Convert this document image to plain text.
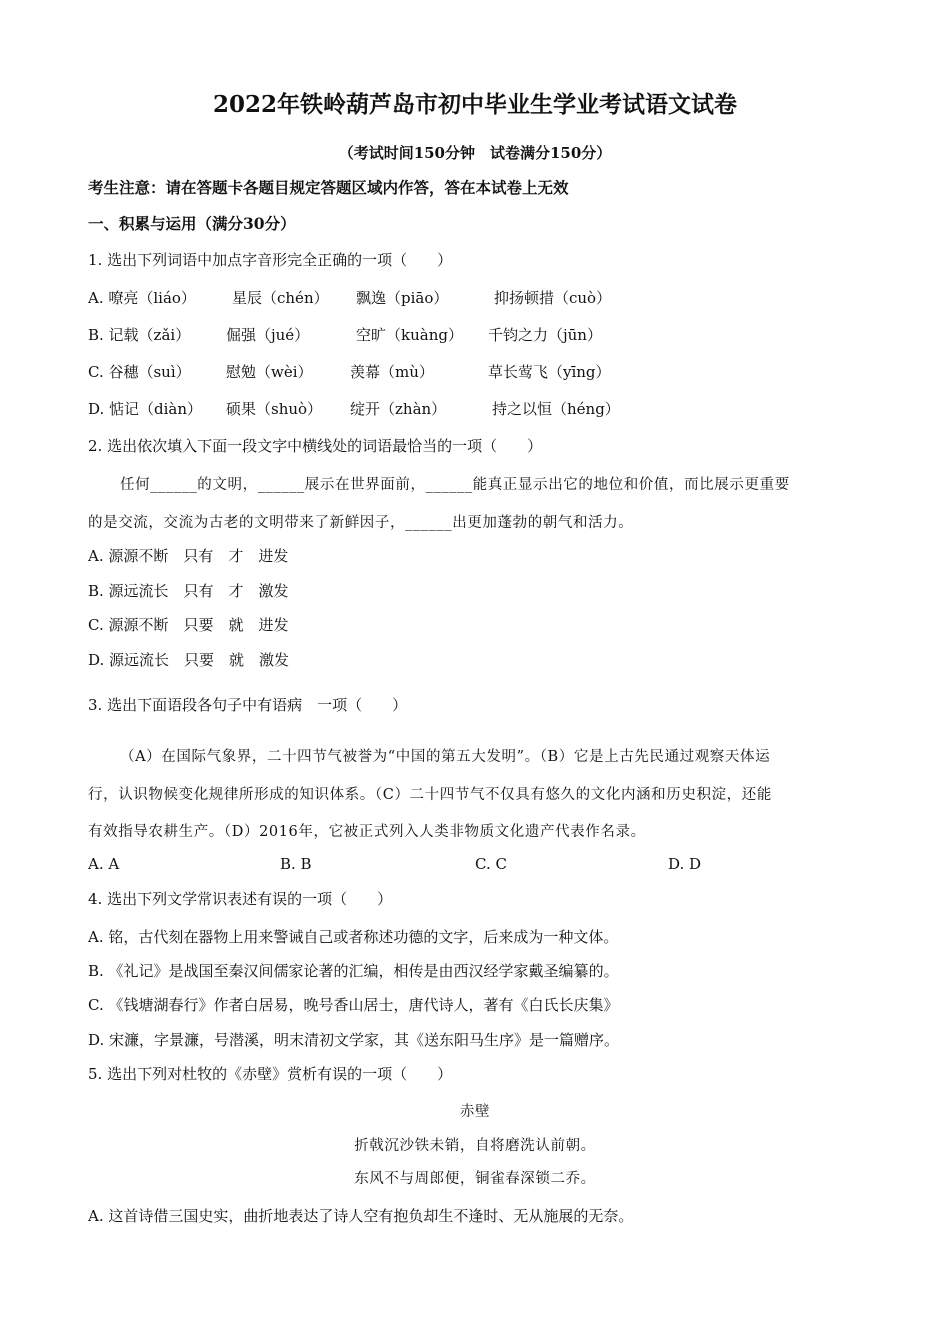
2022年铁岭葫芦岛市初中毕业生学业考试语文试卷
（考试时间150分钟　试卷满分150分）
考生注意：请在答题卡各题目规定答题区域内作答，答在本试卷上无效
一、积累与运用（满分30分）
1. 选出下列词语中加点字音形完全正确的一项（　　）
A. 嘹亮（liáo） 星辰（chén） 飘逸（piāo）	抑扬顿措（cuò）
B. 记载（zǎi） 倔强（jué）	空旷（kuàng） 千钧之力（jūn）
C. 谷穗（suì） 慰勉（wèi） 羡幕（mù）	草长莺飞（yīng）
D. 惦记（diàn） 硕果（shuò） 绽开（zhàn）	持之以恒（héng）
2. 选出依次填入下面一段文字中横线处的词语最恰当的一项（　　）
任何______的文明，______展示在世界面前，______能真正显示出它的地位和价值，而比展示更重要
的是交流，交流为古老的文明带来了新鲜因子，______出更加蓬勃的朝气和活力。
A. 源源不断　只有　才　进发
B. 源远流长　只有　才　激发
C. 源源不断　只要　就　进发
D. 源远流长　只要　就　激发
3. 选出下面语段各句子中有语病　一项（　　）
（A）在国际气象界，二十四节气被誉为“中国的第五大发明”。（B）它是上古先民通过观察天体运
行，认识物候变化规律所形成的知识体系。（C）二十四节气不仅具有悠久的文化内涵和历史积淀，还能
有效指导农耕生产。（D）2016年，它被正式列入人类非物质文化遗产代表作名录。
A. A	B. B	C. C	D. D
4. 选出下列文学常识表述有误的一项（　　）
A. 铭，古代刻在器物上用来警诫自己或者称述功德的文字，后来成为一种文体。
B. 《礼记》是战国至秦汉间儒家论著的汇编，相传是由西汉经学家戴圣编纂的。
C. 《钱塘湖春行》作者白居易，晚号香山居士，唐代诗人，著有《白氏长庆集》
D. 宋濂，字景濂，号潜溪，明末清初文学家，其《送东阳马生序》是一篇赠序。
5. 选出下列对杜牧的《赤壁》赏析有误的一项（　　）
赤壁
折戟沉沙铁未销，自将磨洗认前朝。
东风不与周郎便，铜雀春深锁二乔。
A. 这首诗借三国史实，曲折地表达了诗人空有抱负却生不逢时、无从施展的无奈。
